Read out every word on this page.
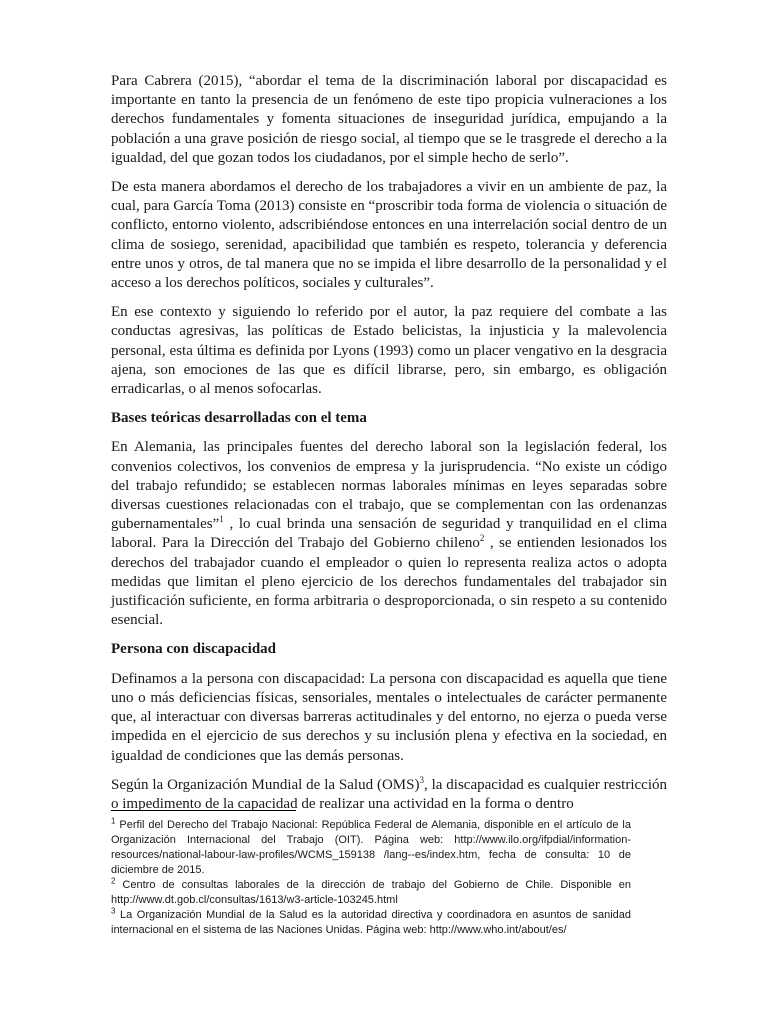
Para Cabrera (2015), “abordar el tema de la discriminación laboral por discapacidad es importante en tanto la presencia de un fenómeno de este tipo propicia vulneraciones a los derechos fundamentales y fomenta situaciones de inseguridad jurídica, empujando a la población a una grave posición de riesgo social, al tiempo que se le trasgrede el derecho a la igualdad, del que gozan todos los ciudadanos, por el simple hecho de serlo”.

De esta manera abordamos el derecho de los trabajadores a vivir en un ambiente de paz, la cual, para García Toma (2013) consiste en “proscribir toda forma de violencia o situación de conflicto, entorno violento, adscribiéndose entonces en una interrelación social dentro de un clima de sosiego, serenidad, apacibilidad que también es respeto, tolerancia y deferencia entre unos y otros, de tal manera que no se impida el libre desarrollo de la personalidad y el acceso a los derechos políticos, sociales y culturales”.

En ese contexto y siguiendo lo referido por el autor, la paz requiere del combate a las conductas agresivas, las políticas de Estado belicistas, la injusticia y la malevolencia personal, esta última es definida por Lyons (1993) como un placer vengativo en la desgracia ajena, son emociones de las que es difícil librarse, pero, sin embargo, es obligación erradicarlas, o al menos sofocarlas.

Bases teóricas desarrolladas con el tema

En Alemania, las principales fuentes del derecho laboral son la legislación federal, los convenios colectivos, los convenios de empresa y la jurisprudencia. “No existe un código del trabajo refundido; se establecen normas laborales mínimas en leyes separadas sobre diversas cuestiones relacionadas con el trabajo, que se complementan con las ordenanzas gubernamentales”$^1$ , lo cual brinda una sensación de seguridad y tranquilidad en el clima laboral. Para la Dirección del Trabajo del Gobierno chileno$^2$ , se entienden lesionados los derechos del trabajador cuando el empleador o quien lo representa realiza actos o adopta medidas que limitan el pleno ejercicio de los derechos fundamentales del trabajador sin justificación suficiente, en forma arbitraria o desproporcionada, o sin respeto a su contenido esencial.

Persona con discapacidad

Definamos a la persona con discapacidad: La persona con discapacidad es aquella que tiene uno o más deficiencias físicas, sensoriales, mentales o intelectuales de carácter permanente que, al interactuar con diversas barreras actitudinales y del entorno, no ejerza o pueda verse impedida en el ejercicio de sus derechos y su inclusión plena y efectiva en la sociedad, en igualdad de condiciones que las demás personas.

Según la Organización Mundial de la Salud (OMS)$^3$, la discapacidad es cualquier restricción o impedimento de la capacidad de realizar una actividad en la forma o dentro

$^1$ Perfil del Derecho del Trabajo Nacional: República Federal de Alemania, disponible en el artículo de la Organización Internacional del Trabajo (OIT). Página web: http://www.ilo.org/ifpdial/information-resources/national-labour-law-profiles/WCMS_159138 /lang--es/index.htm, fecha de consulta: 10 de diciembre de 2015.

$^2$ Centro de consultas laborales de la dirección de trabajo del Gobierno de Chile. Disponible en http://www.dt.gob.cl/consultas/1613/w3-article-103245.html

$^3$ La Organización Mundial de la Salud es la autoridad directiva y coordinadora en asuntos de sanidad internacional en el sistema de las Naciones Unidas. Página web: http://www.who.int/about/es/
